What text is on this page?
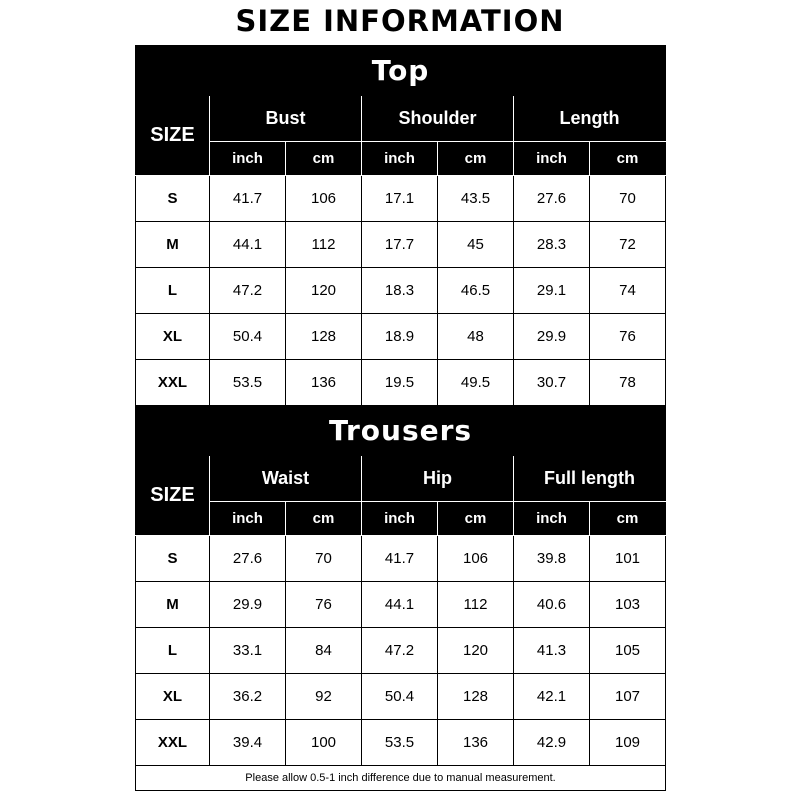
SIZE INFORMATION
Top						
SIZE	Bust		Shoulder		Length	
	inch	cm	inch	cm	inch	cm
S	41.7	106	17.1	43.5	27.6	70
M	44.1	112	17.7	45	28.3	72
L	47.2	120	18.3	46.5	29.1	74
XL	50.4	128	18.9	48	29.9	76
XXL	53.5	136	19.5	49.5	30.7	78
Trousers						
SIZE	Waist		Hip		Full length	
	inch	cm	inch	cm	inch	cm
S	27.6	70	41.7	106	39.8	101
M	29.9	76	44.1	112	40.6	103
L	33.1	84	47.2	120	41.3	105
XL	36.2	92	50.4	128	42.1	107
XXL	39.4	100	53.5	136	42.9	109
Please allow 0.5-1 inch difference due to manual measurement.						
